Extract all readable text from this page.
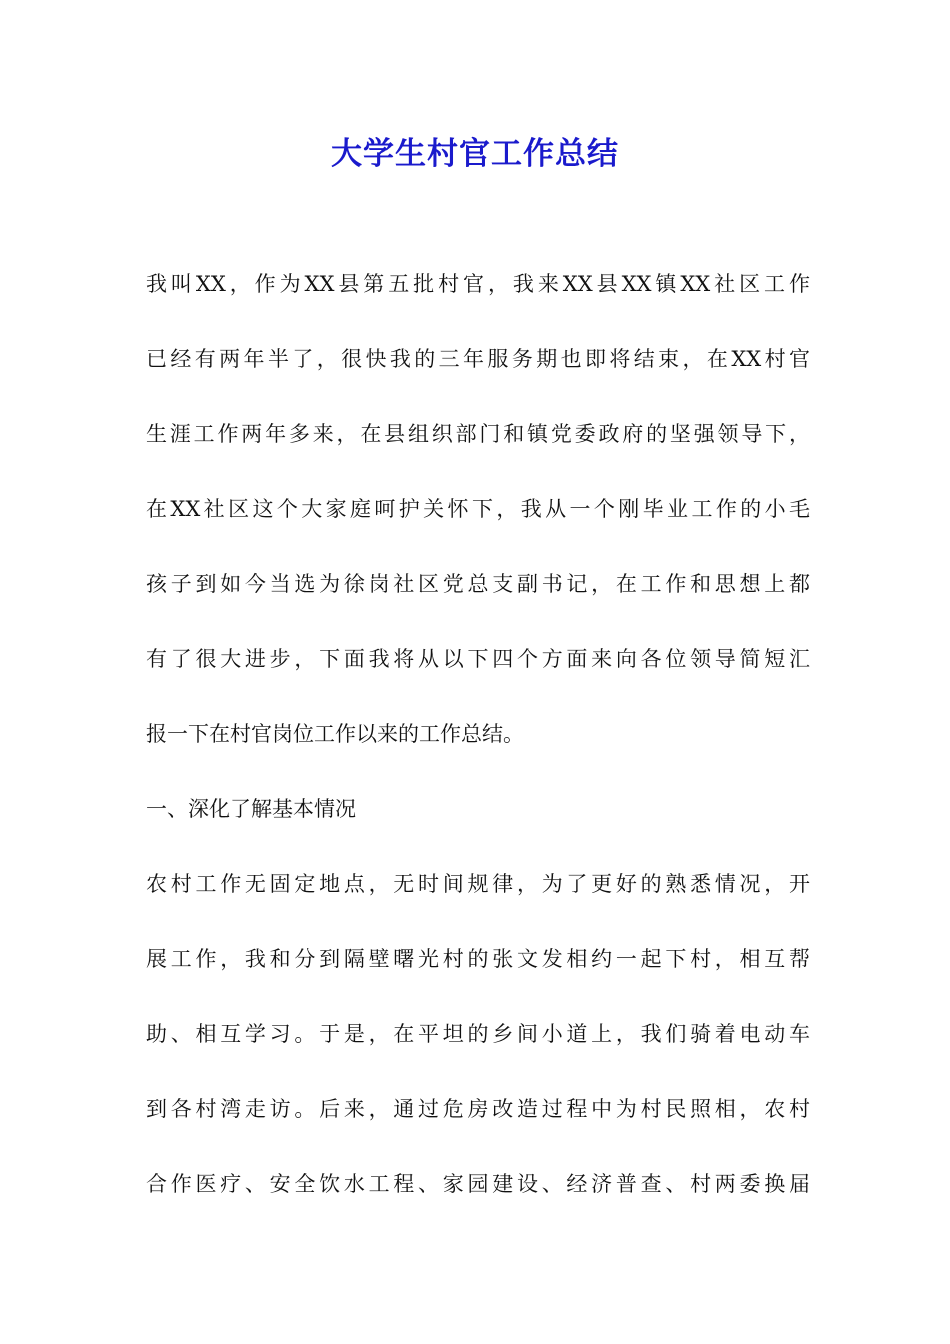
大学生村官工作总结
我叫XX，作为XX县第五批村官，我来XX县XX镇XX社区工作
已经有两年半了，很快我的三年服务期也即将结束，在XX村官
生涯工作两年多来，在县组织部门和镇党委政府的坚强领导下，
在XX社区这个大家庭呵护关怀下，我从一个刚毕业工作的小毛
孩子到如今当选为徐岗社区党总支副书记，在工作和思想上都
有了很大进步，下面我将从以下四个方面来向各位领导简短汇
报一下在村官岗位工作以来的工作总结。
一、深化了解基本情况
农村工作无固定地点，无时间规律，为了更好的熟悉情况，开
展工作，我和分到隔壁曙光村的张文发相约一起下村，相互帮
助、相互学习。于是，在平坦的乡间小道上，我们骑着电动车
到各村湾走访。后来，通过危房改造过程中为村民照相，农村
合作医疗、安全饮水工程、家园建设、经济普查、村两委换届
